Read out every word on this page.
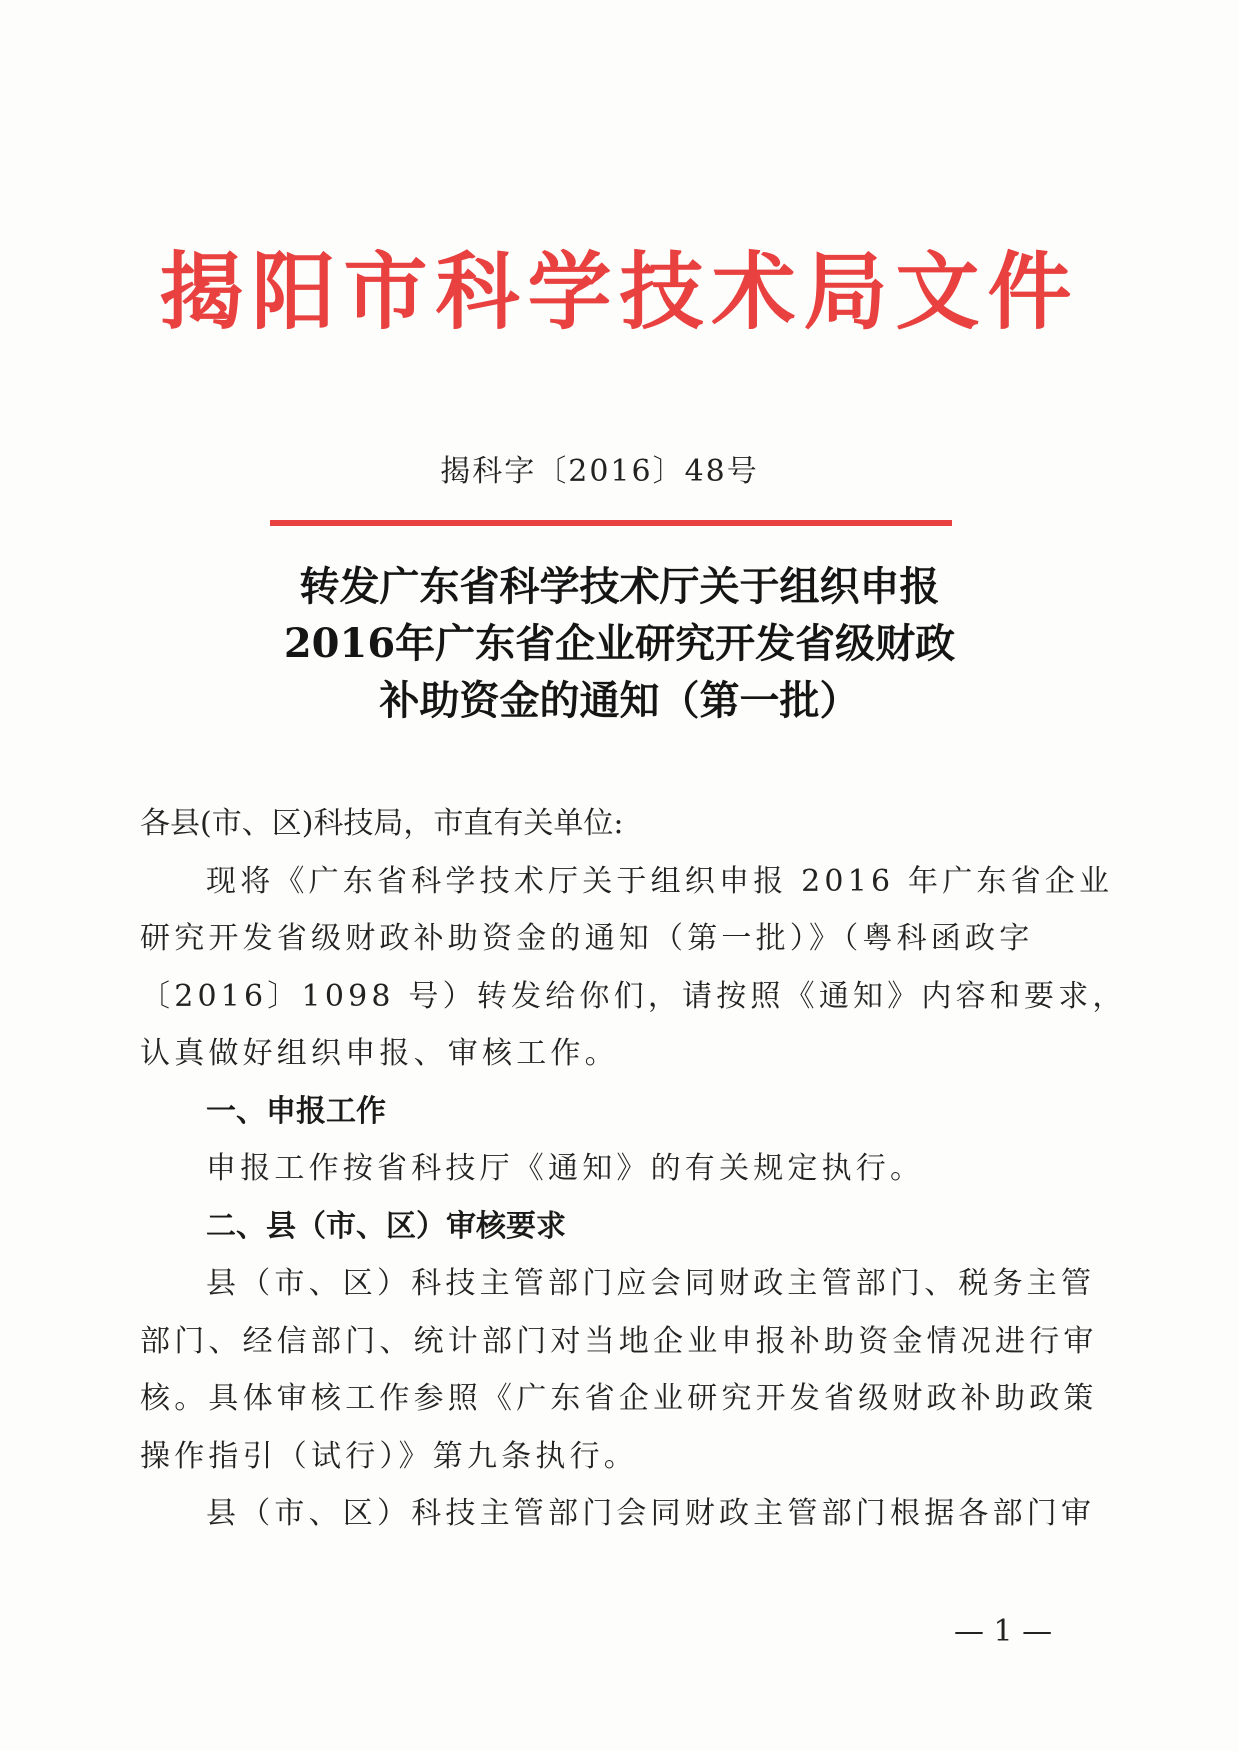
揭阳市科学技术局文件
揭科字〔2016〕48号
转发广东省科学技术厅关于组织申报
2016年广东省企业研究开发省级财政
补助资金的通知（第一批）
各县(市、区)科技局，市直有关单位:
现将《广东省科学技术厅关于组织申报 2016 年广东省企业
研究开发省级财政补助资金的通知（第一批）》（粤科函政字
〔2016〕1098 号）转发给你们，请按照《通知》内容和要求，
认真做好组织申报、审核工作。
一、申报工作
申报工作按省科技厅《通知》的有关规定执行。
二、县（市、区）审核要求
县（市、区）科技主管部门应会同财政主管部门、税务主管
部门、经信部门、统计部门对当地企业申报补助资金情况进行审
核。具体审核工作参照《广东省企业研究开发省级财政补助政策
操作指引（试行）》第九条执行。
县（市、区）科技主管部门会同财政主管部门根据各部门审
— 1 —
